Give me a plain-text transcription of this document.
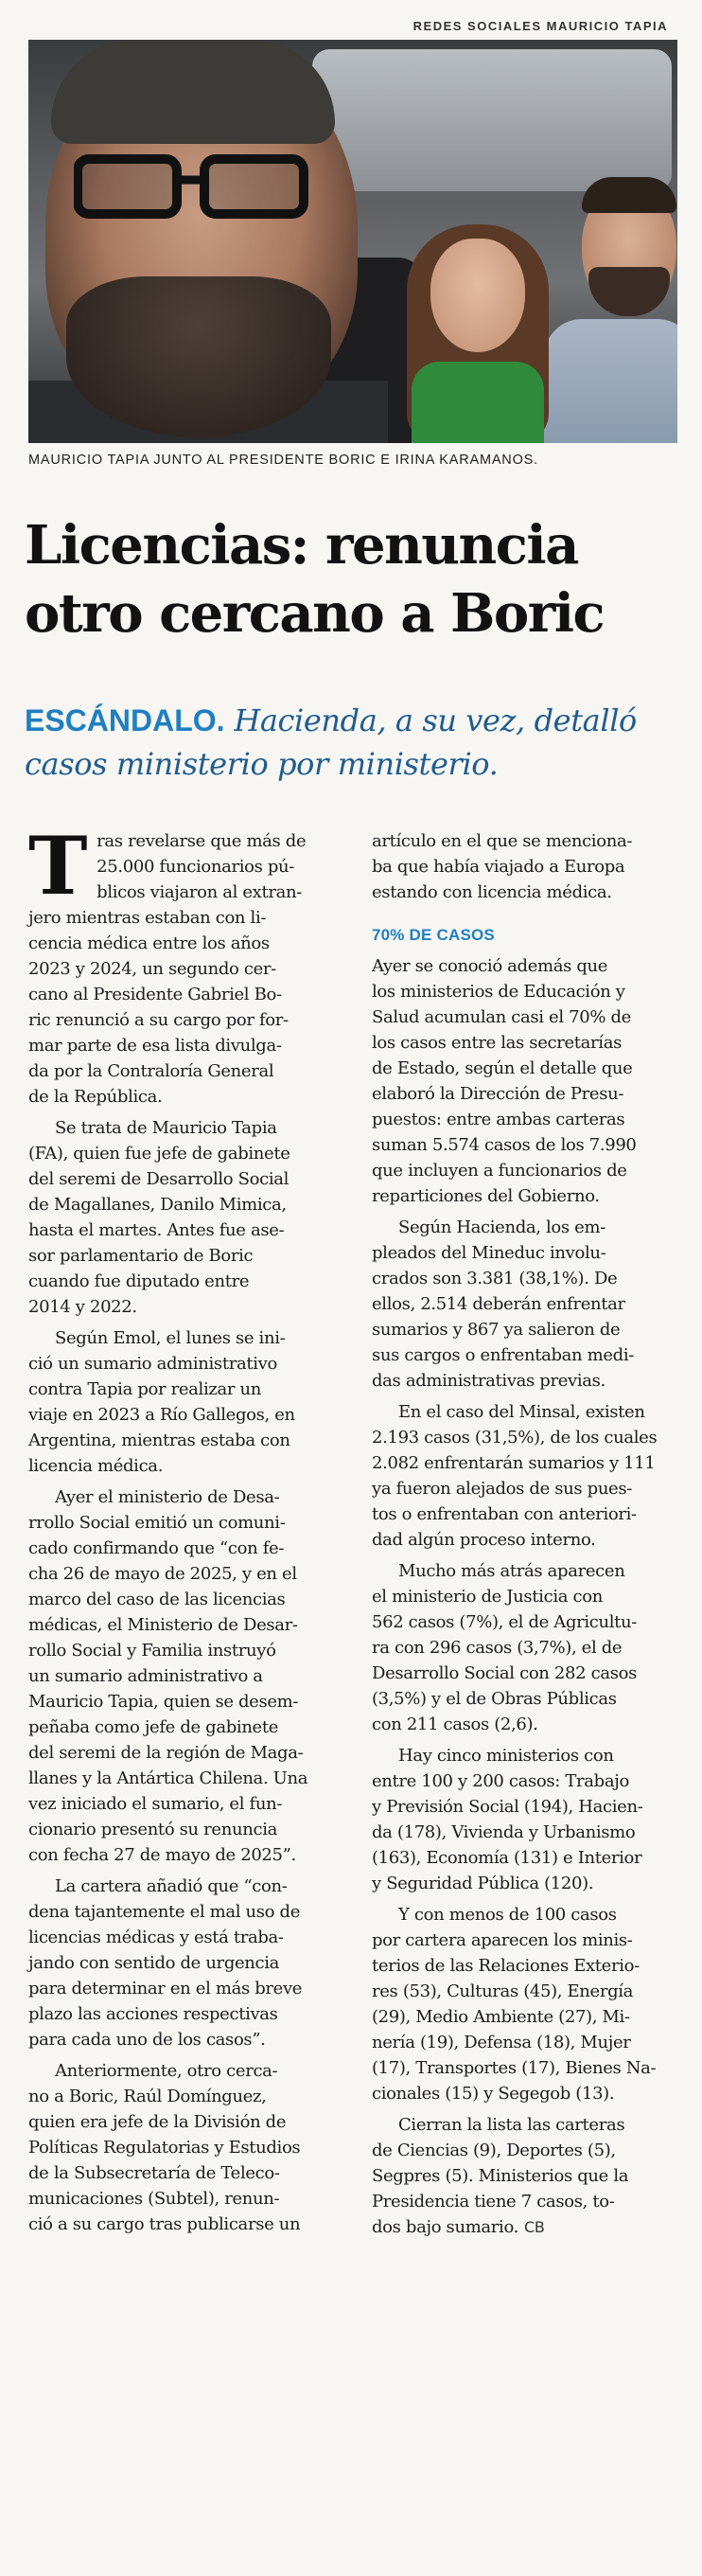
REDES SOCIALES MAURICIO TAPIA
MAURICIO TAPIA JUNTO AL PRESIDENTE BORIC E IRINA KARAMANOS.
Licencias: renuncia
otro cercano a Boric
ESCÁNDALO. Hacienda, a su vez, detalló
casos ministerio por ministerio.

T ras revelarse que más de
25.000 funcionarios pú-
blicos viajaron al extran-
jero mientras estaban con li-
cencia médica entre los años
2023 y 2024, un segundo cer-
cano al Presidente Gabriel Bo-
ric renunció a su cargo por for-
mar parte de esa lista divulga-
da por la Contraloría General
de la República.

Se trata de Mauricio Tapia
(FA), quien fue jefe de gabinete
del seremi de Desarrollo Social
de Magallanes, Danilo Mimica,
hasta el martes. Antes fue ase-
sor parlamentario de Boric
cuando fue diputado entre
2014 y 2022.

Según Emol, el lunes se ini-
ció un sumario administrativo
contra Tapia por realizar un
viaje en 2023 a Río Gallegos, en
Argentina, mientras estaba con
licencia médica.

Ayer el ministerio de Desa-
rrollo Social emitió un comuni-
cado confirmando que “con fe-
cha 26 de mayo de 2025, y en el
marco del caso de las licencias
médicas, el Ministerio de Desar-
rollo Social y Familia instruyó
un sumario administrativo a
Mauricio Tapia, quien se desem-
peñaba como jefe de gabinete
del seremi de la región de Maga-
llanes y la Antártica Chilena. Una
vez iniciado el sumario, el fun-
cionario presentó su renuncia
con fecha 27 de mayo de 2025”.

La cartera añadió que “con-
dena tajantemente el mal uso de
licencias médicas y está traba-
jando con sentido de urgencia
para determinar en el más breve
plazo las acciones respectivas
para cada uno de los casos”.

Anteriormente, otro cerca-
no a Boric, Raúl Domínguez,
quien era jefe de la División de
Políticas Regulatorias y Estudios
de la Subsecretaría de Teleco-
municaciones (Subtel), renun-
ció a su cargo tras publicarse un

artículo en el que se menciona-
ba que había viajado a Europa
estando con licencia médica.

70% DE CASOS

Ayer se conoció además que
los ministerios de Educación y
Salud acumulan casi el 70% de
los casos entre las secretarías
de Estado, según el detalle que
elaboró la Dirección de Presu-
puestos: entre ambas carteras
suman 5.574 casos de los 7.990
que incluyen a funcionarios de
reparticiones del Gobierno.

Según Hacienda, los em-
pleados del Mineduc involu-
crados son 3.381 (38,1%). De
ellos, 2.514 deberán enfrentar
sumarios y 867 ya salieron de
sus cargos o enfrentaban medi-
das administrativas previas.

En el caso del Minsal, existen
2.193 casos (31,5%), de los cuales
2.082 enfrentarán sumarios y 111
ya fueron alejados de sus pues-
tos o enfrentaban con anteriori-
dad algún proceso interno.

Mucho más atrás aparecen
el ministerio de Justicia con
562 casos (7%), el de Agricultu-
ra con 296 casos (3,7%), el de
Desarrollo Social con 282 casos
(3,5%) y el de Obras Públicas
con 211 casos (2,6).

Hay cinco ministerios con
entre 100 y 200 casos: Trabajo
y Previsión Social (194), Hacien-
da (178), Vivienda y Urbanismo
(163), Economía (131) e Interior
y Seguridad Pública (120).

Y con menos de 100 casos
por cartera aparecen los minis-
terios de las Relaciones Exterio-
res (53), Culturas (45), Energía
(29), Medio Ambiente (27), Mi-
nería (19), Defensa (18), Mujer
(17), Transportes (17), Bienes Na-
cionales (15) y Segegob (13).

Cierran la lista las carteras
de Ciencias (9), Deportes (5),
Segpres (5). Ministerios que la
Presidencia tiene 7 casos, to-
dos bajo sumario. CB
